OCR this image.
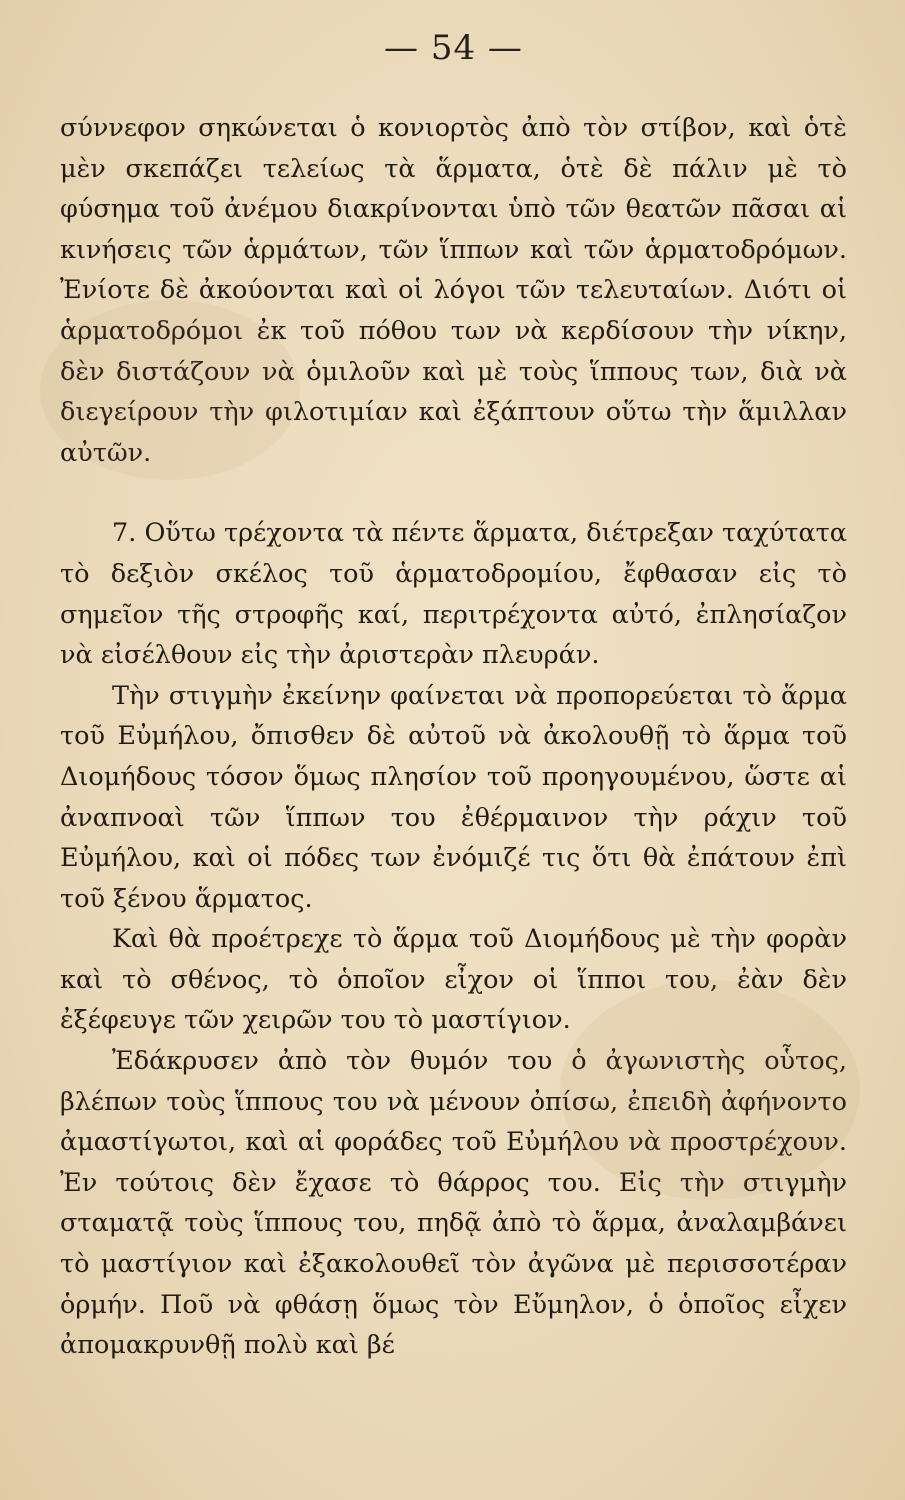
— 54 —

σύννεφον σηκώνεται ὁ κονιορτὸς ἀπὸ τὸν στίβον, καὶ ὁτὲ μὲν σκεπάζει τελείως τὰ ἅρματα, ὁτὲ δὲ πάλιν μὲ τὸ φύσημα τοῦ ἀνέμου διακρίνονται ὑπὸ τῶν θεατῶν πᾶσαι αἱ κινήσεις τῶν ἁρμάτων, τῶν ἵππων καὶ τῶν ἁρματοδρόμων. Ἐνίοτε δὲ ἀκούονται καὶ οἱ λόγοι τῶν τελευταίων. Διότι οἱ ἁρματοδρόμοι ἐκ τοῦ πόθου των νὰ κερδίσουν τὴν νίκην, δὲν διστάζουν νὰ ὁμιλοῦν καὶ μὲ τοὺς ἵππους των, διὰ νὰ διεγείρουν τὴν φιλοτιμίαν καὶ ἐξάπτουν οὕτω τὴν ἅμιλλαν αὐτῶν.

7. Οὕτω τρέχοντα τὰ πέντε ἅρματα, διέτρεξαν ταχύτατα τὸ δεξιὸν σκέλος τοῦ ἁρματοδρομίου, ἔφθασαν εἰς τὸ σημεῖον τῆς στροφῆς καί, περιτρέχοντα αὐτό, ἐπλησίαζον νὰ εἰσέλθουν εἰς τὴν ἀριστερὰν πλευράν.

Τὴν στιγμὴν ἐκείνην φαίνεται νὰ προπορεύεται τὸ ἅρμα τοῦ Εὐμήλου, ὄπισθεν δὲ αὐτοῦ νὰ ἀκολουθῇ τὸ ἅρμα τοῦ Διομήδους τόσον ὅμως πλησίον τοῦ προηγουμένου, ὥστε αἱ ἀναπνοαὶ τῶν ἵππων του ἐθέρμαινον τὴν ράχιν τοῦ Εὐμήλου, καὶ οἱ πόδες των ἐνόμιζέ τις ὅτι θὰ ἐπάτουν ἐπὶ τοῦ ξένου ἅρματος.

Καὶ θὰ προέτρεχε τὸ ἅρμα τοῦ Διομήδους μὲ τὴν φορὰν καὶ τὸ σθένος, τὸ ὁποῖον εἶχον οἱ ἵπποι του, ἐὰν δὲν ἐξέφευγε τῶν χειρῶν του τὸ μαστίγιον.

Ἐδάκρυσεν ἀπὸ τὸν θυμόν του ὁ ἀγωνιστὴς οὗτος, βλέπων τοὺς ἵππους του νὰ μένουν ὀπίσω, ἐπειδὴ ἀφήνοντο ἀμαστίγωτοι, καὶ αἱ φοράδες τοῦ Εὐμήλου νὰ προστρέχουν. Ἐν τούτοις δὲν ἔχασε τὸ θάρρος του. Εἰς τὴν στιγμὴν σταματᾷ τοὺς ἵππους του, πηδᾷ ἀπὸ τὸ ἅρμα, ἀναλαμβάνει τὸ μαστίγιον καὶ ἐξακολουθεῖ τὸν ἀγῶνα μὲ περισσοτέραν ὁρμήν. Ποῦ νὰ φθάσῃ ὅμως τὸν Εὔμηλον, ὁ ὁποῖος εἶχεν ἀπομακρυνθῇ πολὺ καὶ βέ
